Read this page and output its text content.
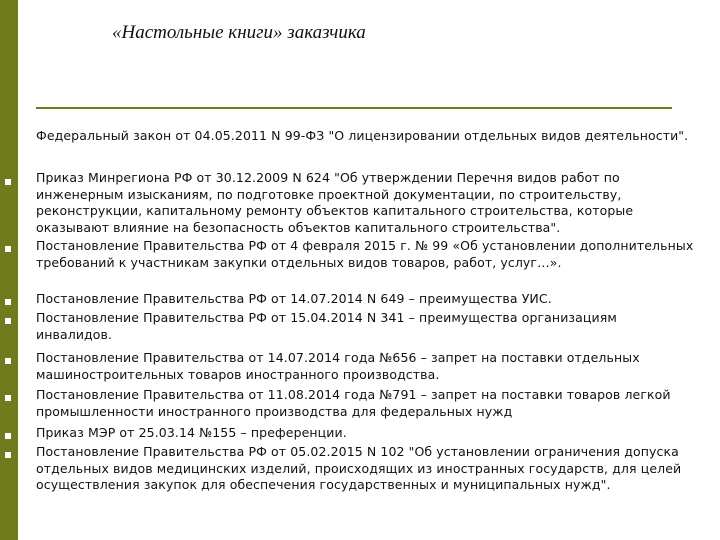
«Настольные книги» заказчика
Федеральный закон от 04.05.2011 N 99-ФЗ "О лицензировании отдельных видов деятельности".
Приказ Минрегиона РФ от 30.12.2009 N 624 "Об утверждении Перечня видов работ по инженерным изысканиям, по подготовке проектной документации, по строительству, реконструкции, капитальному ремонту объектов капитального строительства, которые оказывают влияние на безопасность объектов капитального строительства".
Постановление Правительства РФ от 4 февраля 2015 г. № 99 «Об установлении дополнительных требований к участникам закупки отдельных видов товаров, работ, услуг…».
Постановление Правительства РФ от 14.07.2014 N 649 – преимущества УИС.
Постановление Правительства РФ от 15.04.2014 N 341 – преимущества организациям инвалидов.
Постановление Правительства от 14.07.2014 года №656 – запрет на поставки отдельных машиностроительных товаров иностранного производства.
Постановление Правительства от 11.08.2014 года №791 – запрет на поставки товаров легкой промышленности иностранного производства для федеральных нужд
Приказ МЭР от 25.03.14 №155 – преференции.
Постановление Правительства РФ от 05.02.2015 N 102 "Об установлении ограничения допуска отдельных видов медицинских изделий, происходящих из иностранных государств, для целей осуществления закупок для обеспечения государственных и муниципальных нужд".
